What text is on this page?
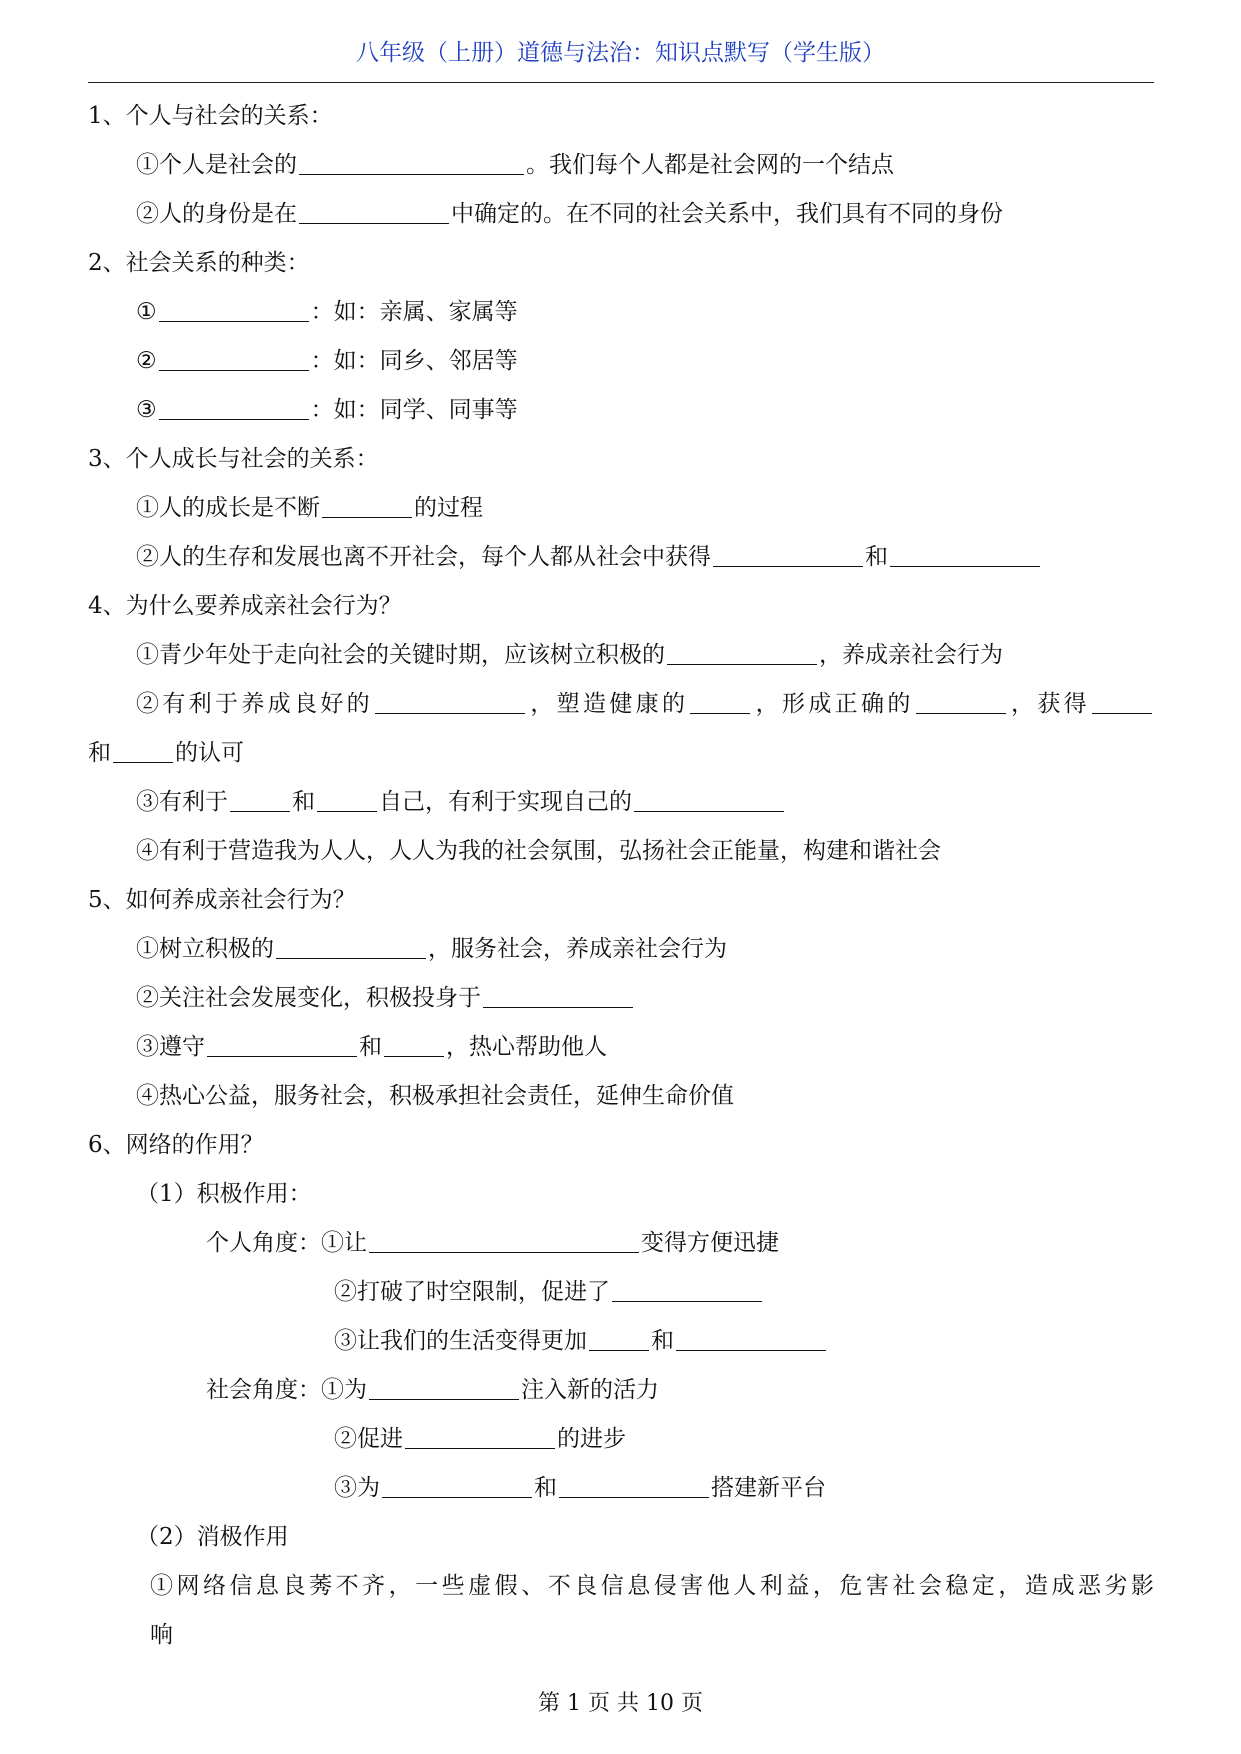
八年级（上册）道德与法治：知识点默写（学生版）
1、个人与社会的关系：
①个人是社会的	。我们每个人都是社会网的一个结点
②人的身份是在	中确定的。在不同的社会关系中，我们具有不同的身份
2、社会关系的种类：
①	：如：亲属、家属等
②	：如：同乡、邻居等
③	：如：同学、同事等
3、个人成长与社会的关系：
①人的成长是不断	的过程
②人的生存和发展也离不开社会，每个人都从社会中获得	和
4、为什么要养成亲社会行为？
①青少年处于走向社会的关键时期，应该树立积极的	，养成亲社会行为
②有利于养成良好的	，塑造健康的	，形成正确的	，获得
和	的认可
③有利于	和	自己，有利于实现自己的
④有利于营造我为人人，人人为我的社会氛围，弘扬社会正能量，构建和谐社会
5、如何养成亲社会行为？
①树立积极的	，服务社会，养成亲社会行为
②关注社会发展变化，积极投身于
③遵守	和	，热心帮助他人
④热心公益，服务社会，积极承担社会责任，延伸生命价值
6、网络的作用？
（1）积极作用：
个人角度：①让	变得方便迅捷
②打破了时空限制，促进了
③让我们的生活变得更加	和
社会角度：①为	注入新的活力
②促进	的进步
③为	和	搭建新平台
（2）消极作用
①网络信息良莠不齐，一些虚假、不良信息侵害他人利益，危害社会稳定，造成恶劣影
响
第 1 页 共 10 页
